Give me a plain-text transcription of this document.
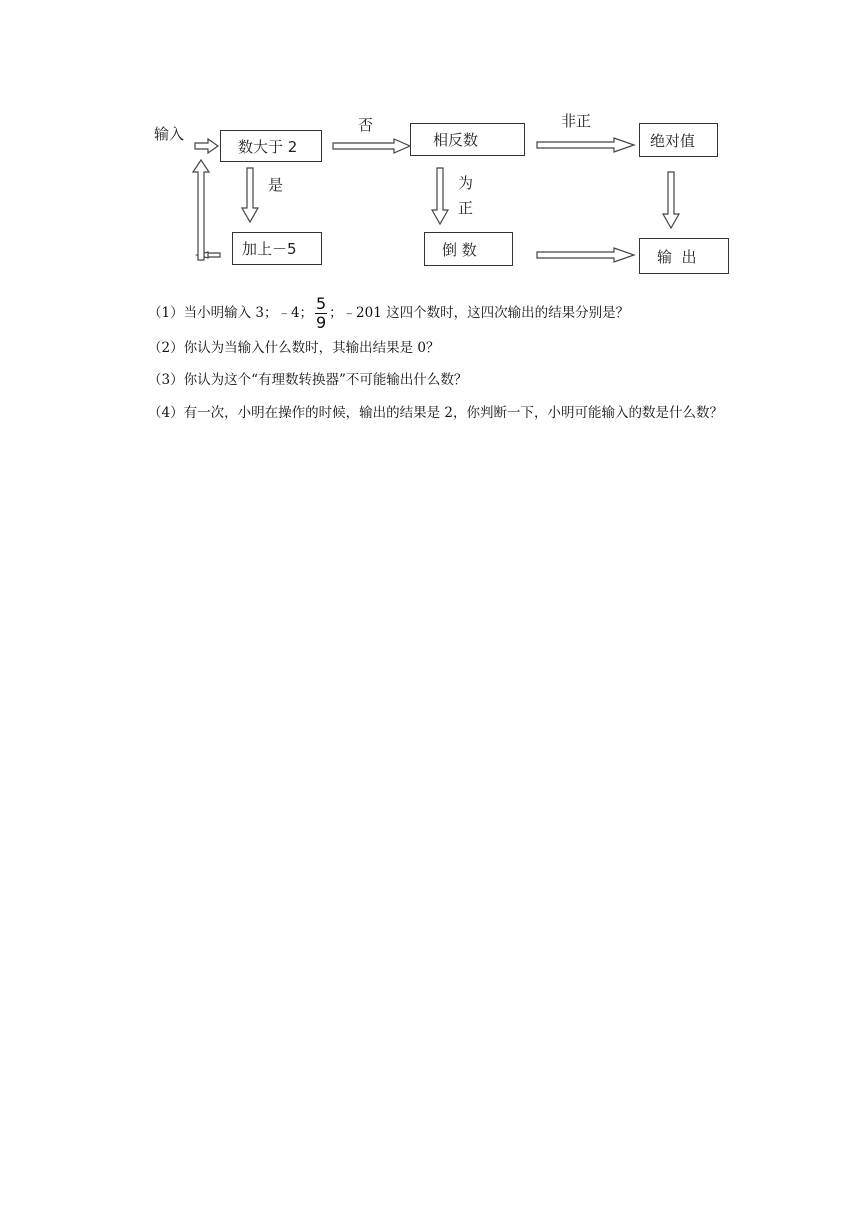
输入	否	非正
是	为
正
数大于 2	相反数	绝对值
加上－5	倒 数	输  出
（1）当小明输入 3；﹣4； $\frac{5}{9}$ ；﹣201 这四个数时，这四次输出的结果分别是？
（2）你认为当输入什么数时，其输出结果是 0？
（3）你认为这个“有理数转换器”不可能输出什么数？
（4）有一次，小明在操作的时候，输出的结果是 2，你判断一下，小明可能输入的数是什么数？
